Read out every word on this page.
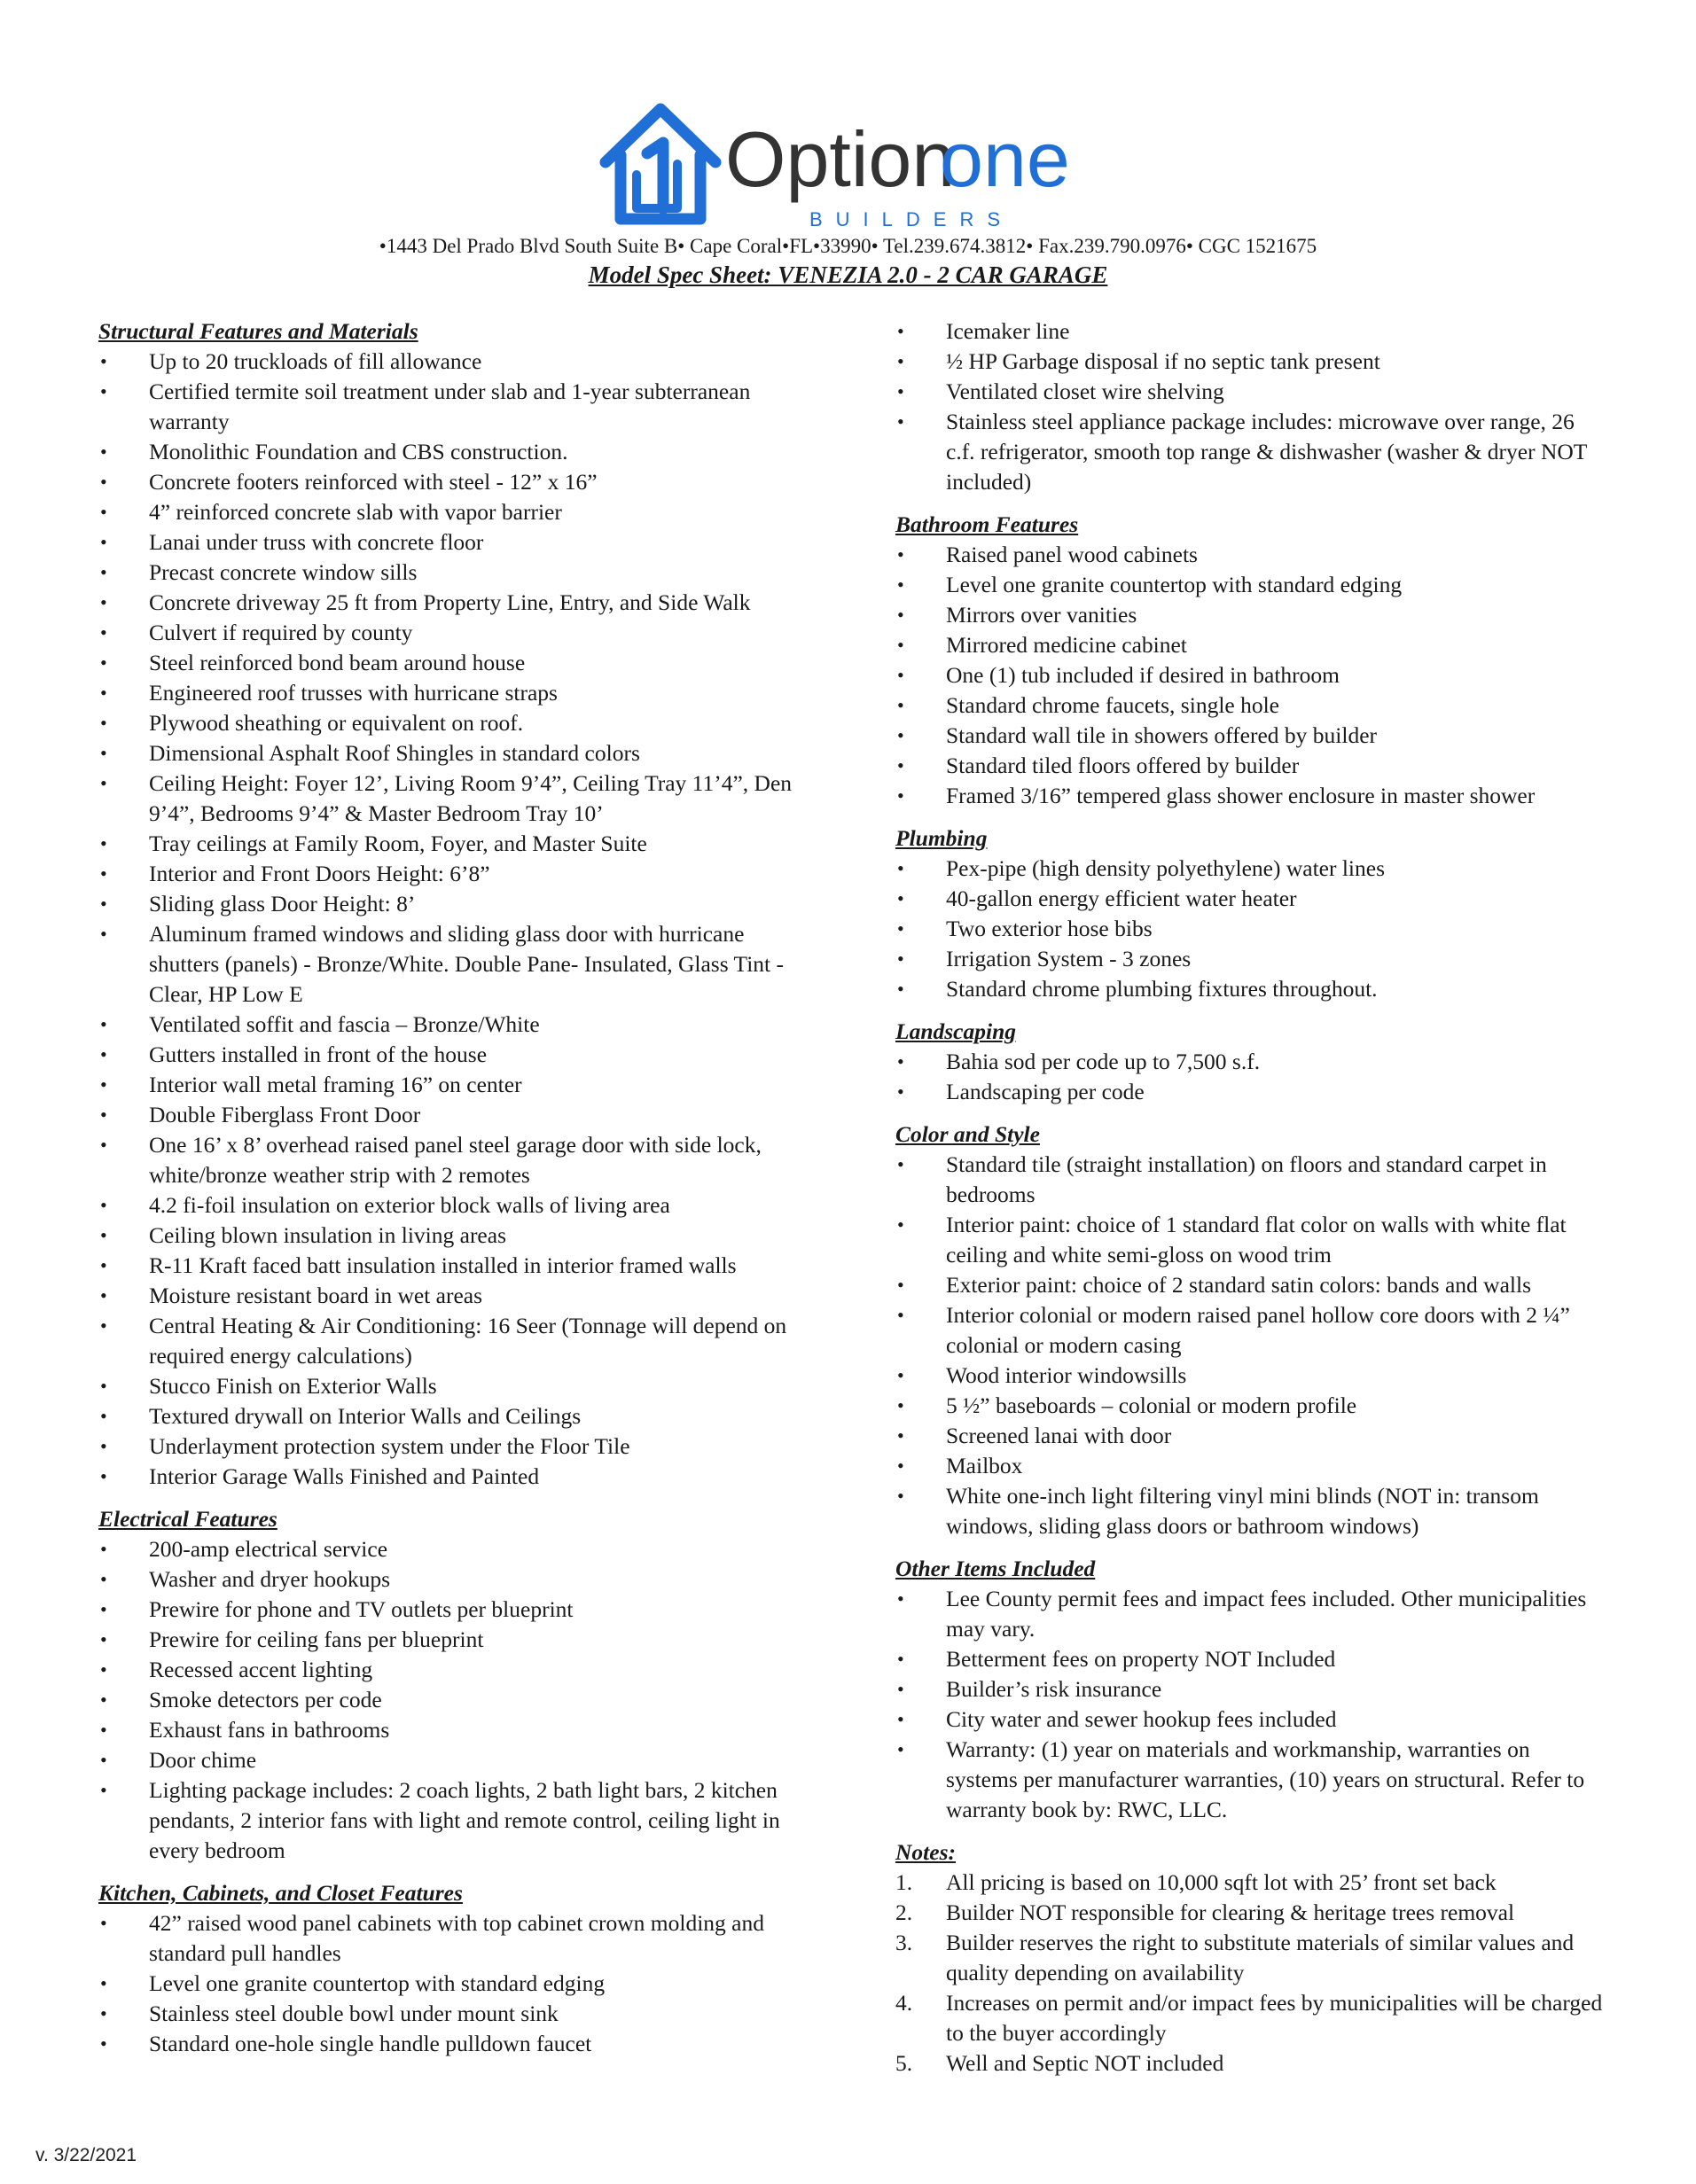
Option
one
BUILDERS
•1443 Del Prado Blvd South Suite B• Cape Coral•FL•33990• Tel.239.674.3812• Fax.239.790.0976• CGC 1521675
Model Spec Sheet: VENEZIA 2.0 - 2 CAR GARAGE

Structural Features and Materials

• Up to 20 truckloads of fill allowance
• Certified termite soil treatment under slab and 1-year subterranean warranty
• Monolithic Foundation and CBS construction.
• Concrete footers reinforced with steel - 12” x 16”
• 4” reinforced concrete slab with vapor barrier
• Lanai under truss with concrete floor
• Precast concrete window sills
• Concrete driveway 25 ft from Property Line, Entry, and Side Walk
• Culvert if required by county
• Steel reinforced bond beam around house
• Engineered roof trusses with hurricane straps
• Plywood sheathing or equivalent on roof.
• Dimensional Asphalt Roof Shingles in standard colors
• Ceiling Height: Foyer 12’, Living Room 9’4”, Ceiling Tray 11’4”, Den 9’4”, Bedrooms 9’4” & Master Bedroom Tray 10’
• Tray ceilings at Family Room, Foyer, and Master Suite
• Interior and Front Doors Height: 6’8”
• Sliding glass Door Height: 8’
• Aluminum framed windows and sliding glass door with hurricane shutters (panels) - Bronze/White. Double Pane- Insulated, Glass Tint - Clear, HP Low E
• Ventilated soffit and fascia – Bronze/White
• Gutters installed in front of the house
• Interior wall metal framing 16” on center
• Double Fiberglass Front Door
• One 16’ x 8’ overhead raised panel steel garage door with side lock, white/bronze weather strip with 2 remotes
• 4.2 fi-foil insulation on exterior block walls of living area
• Ceiling blown insulation in living areas
• R-11 Kraft faced batt insulation installed in interior framed walls
• Moisture resistant board in wet areas
• Central Heating & Air Conditioning: 16 Seer (Tonnage will depend on required energy calculations)
• Stucco Finish on Exterior Walls
• Textured drywall on Interior Walls and Ceilings
• Underlayment protection system under the Floor Tile
• Interior Garage Walls Finished and Painted

Electrical Features

• 200-amp electrical service
• Washer and dryer hookups
• Prewire for phone and TV outlets per blueprint
• Prewire for ceiling fans per blueprint
• Recessed accent lighting
• Smoke detectors per code
• Exhaust fans in bathrooms
• Door chime
• Lighting package includes: 2 coach lights, 2 bath light bars, 2 kitchen pendants, 2 interior fans with light and remote control, ceiling light in every bedroom

Kitchen, Cabinets, and Closet Features

• 42” raised wood panel cabinets with top cabinet crown molding and standard pull handles
• Level one granite countertop with standard edging
• Stainless steel double bowl under mount sink
• Standard one-hole single handle pulldown faucet
• Icemaker line
• ½ HP Garbage disposal if no septic tank present
• Ventilated closet wire shelving
• Stainless steel appliance package includes: microwave over range, 26 c.f. refrigerator, smooth top range & dishwasher (washer & dryer NOT included)

Bathroom Features

• Raised panel wood cabinets
• Level one granite countertop with standard edging
• Mirrors over vanities
• Mirrored medicine cabinet
• One (1) tub included if desired in bathroom
• Standard chrome faucets, single hole
• Standard wall tile in showers offered by builder
• Standard tiled floors offered by builder
• Framed 3/16” tempered glass shower enclosure in master shower

Plumbing

• Pex-pipe (high density polyethylene) water lines
• 40-gallon energy efficient water heater
• Two exterior hose bibs
• Irrigation System - 3 zones
• Standard chrome plumbing fixtures throughout.

Landscaping

• Bahia sod per code up to 7,500 s.f.
• Landscaping per code

Color and Style

• Standard tile (straight installation) on floors and standard carpet in bedrooms
• Interior paint: choice of 1 standard flat color on walls with white flat ceiling and white semi-gloss on wood trim
• Exterior paint: choice of 2 standard satin colors: bands and walls
• Interior colonial or modern raised panel hollow core doors with 2 ¼” colonial or modern casing
• Wood interior windowsills
• 5 ½” baseboards – colonial or modern profile
• Screened lanai with door
• Mailbox
• White one-inch light filtering vinyl mini blinds (NOT in: transom windows, sliding glass doors or bathroom windows)

Other Items Included

• Lee County permit fees and impact fees included. Other municipalities may vary.
• Betterment fees on property NOT Included
• Builder’s risk insurance
• City water and sewer hookup fees included
• Warranty: (1) year on materials and workmanship, warranties on systems per manufacturer warranties, (10) years on structural. Refer to warranty book by: RWC, LLC.

Notes:

1. All pricing is based on 10,000 sqft lot with 25’ front set back
2. Builder NOT responsible for clearing & heritage trees removal
3. Builder reserves the right to substitute materials of similar values and quality depending on availability
4. Increases on permit and/or impact fees by municipalities will be charged to the buyer accordingly
5. Well and Septic NOT included
v. 3/22/2021
